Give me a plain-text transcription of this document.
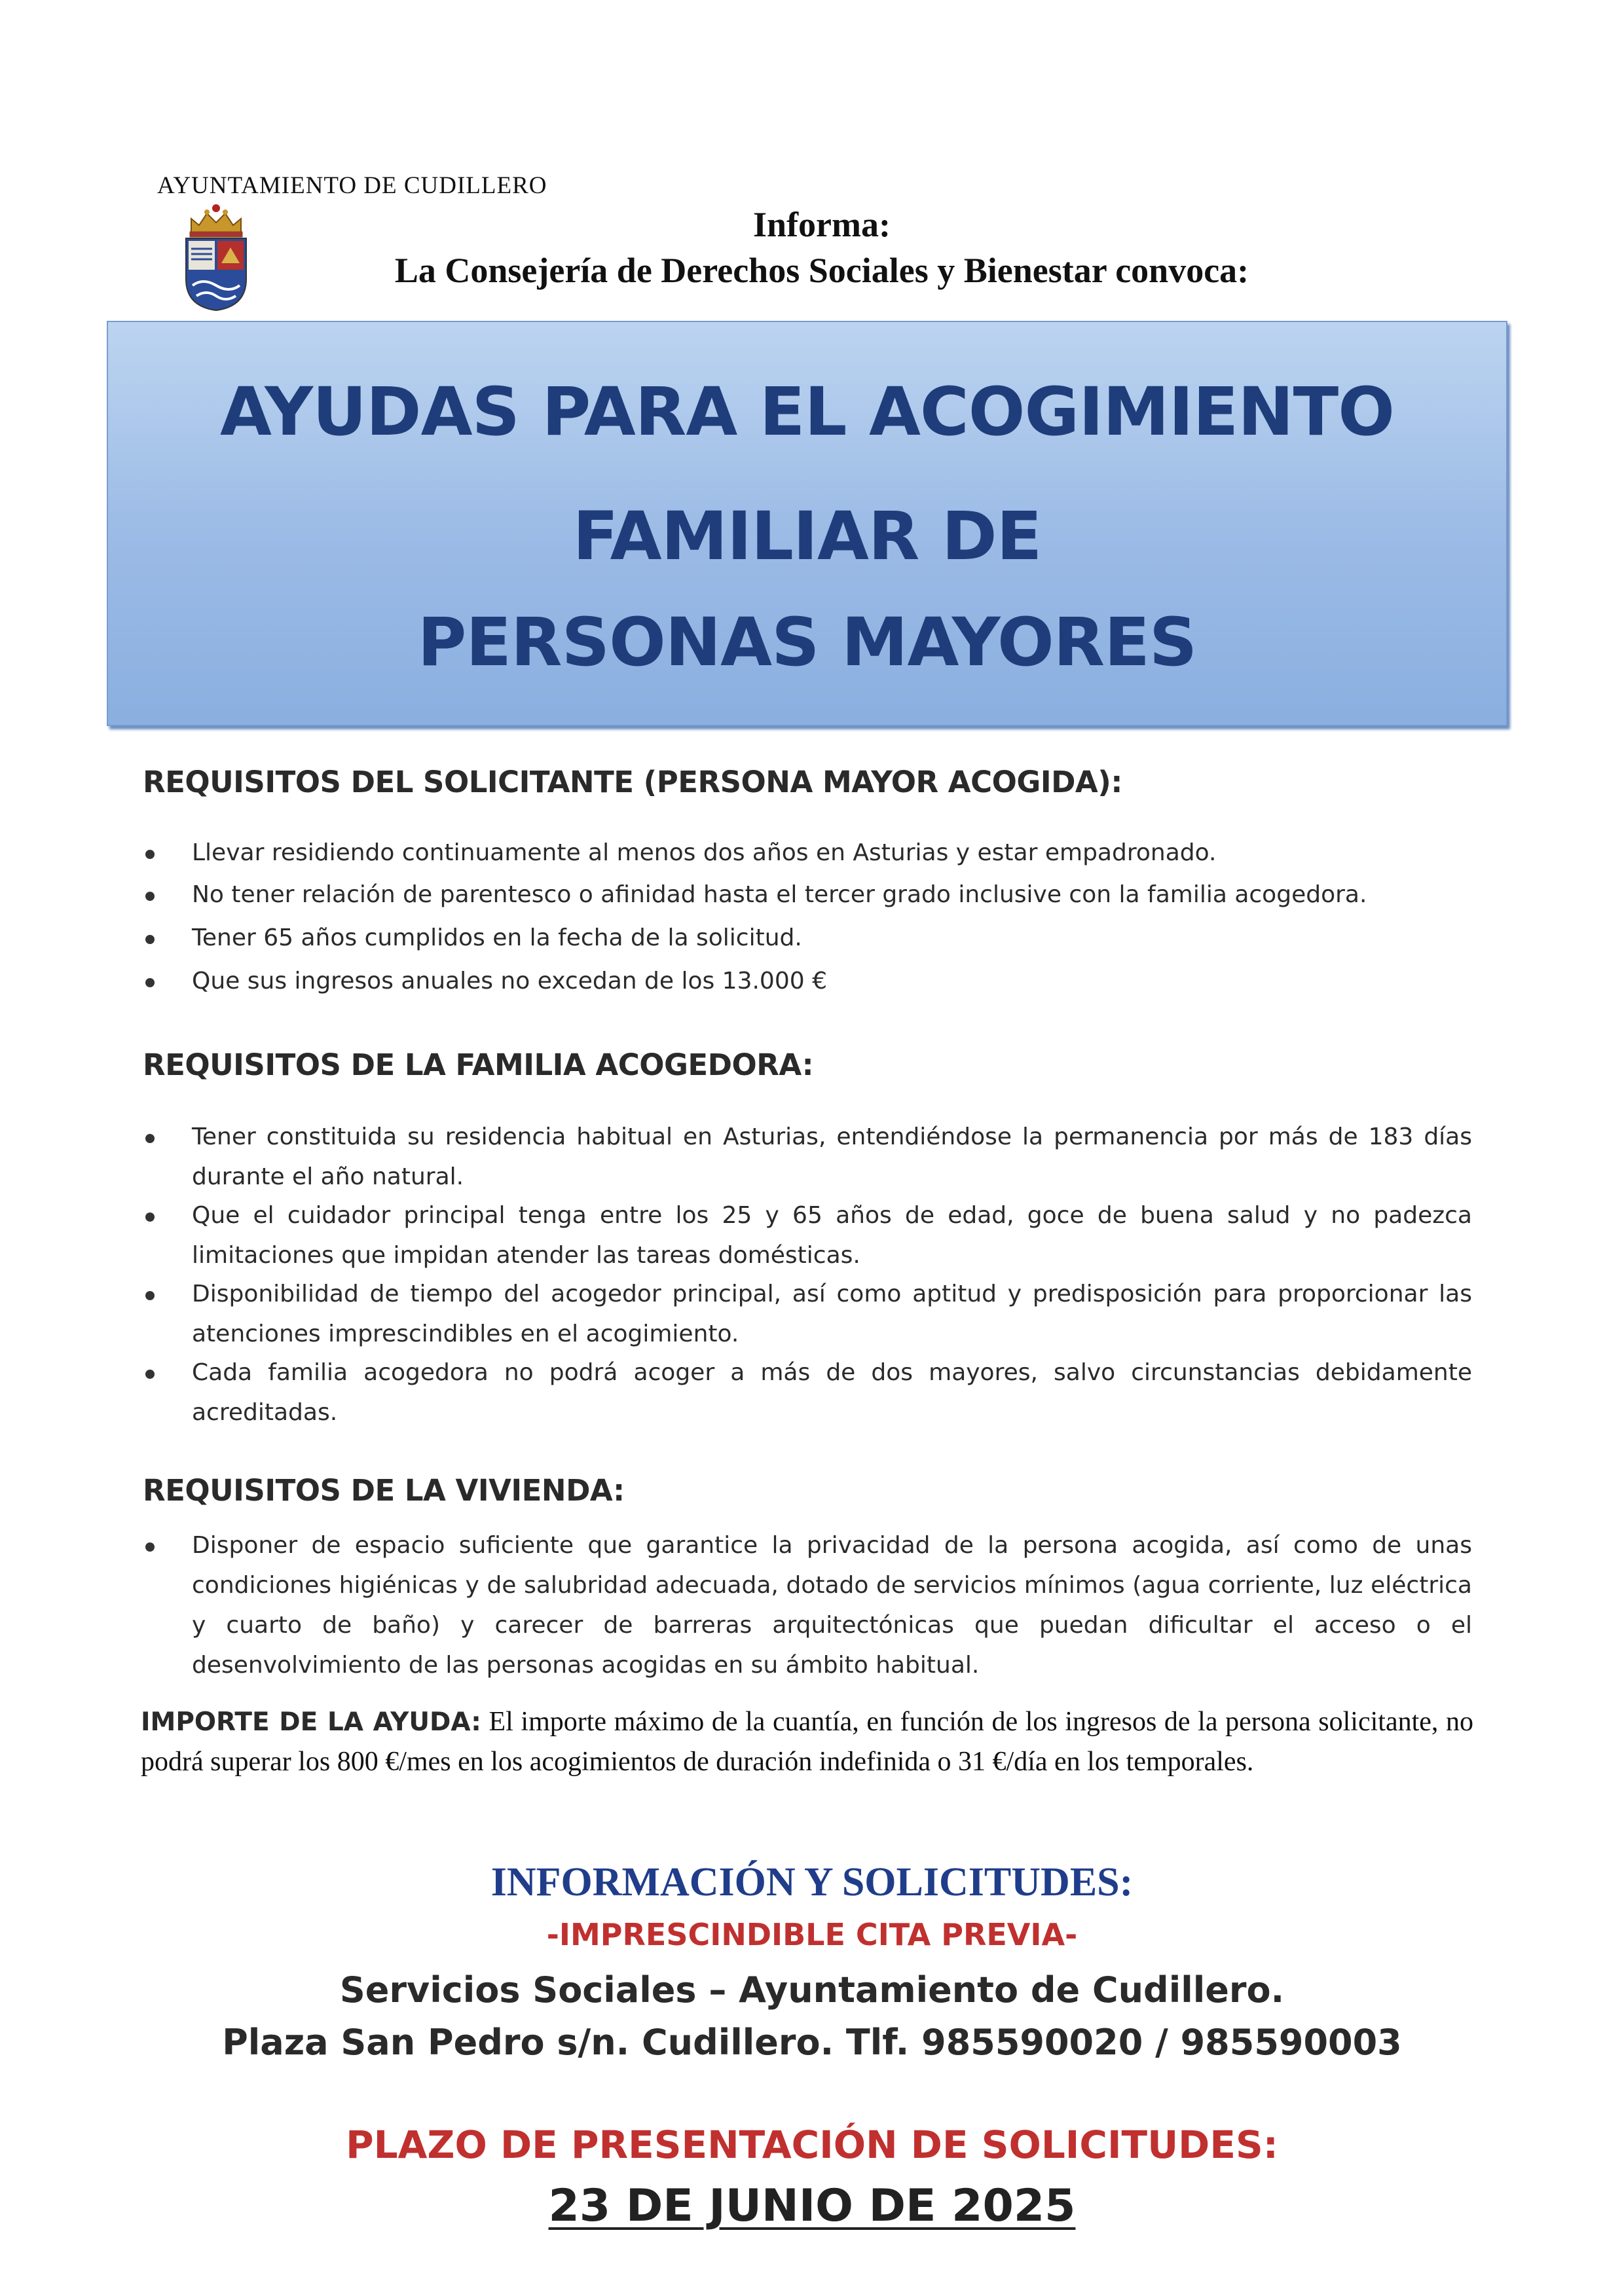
AYUNTAMIENTO DE CUDILLERO
Informa:
La Consejería de Derechos Sociales y Bienestar convoca:
AYUDAS PARA EL ACOGIMIENTO
FAMILIAR DE
PERSONAS MAYORES
REQUISITOS DEL SOLICITANTE (PERSONA MAYOR ACOGIDA):
Llevar residiendo continuamente al menos dos años en Asturias y estar empadronado.
No tener relación de parentesco o afinidad hasta el tercer grado inclusive con la familia acogedora.
Tener 65 años cumplidos en la fecha de la solicitud.
Que sus ingresos anuales no excedan de los 13.000 €
REQUISITOS DE LA FAMILIA ACOGEDORA:
Tener constituida su residencia habitual en Asturias, entendiéndose la permanencia por más de 183 días durante el año natural.
Que el cuidador principal tenga entre los 25 y 65 años de edad, goce de buena salud y no padezca limitaciones que impidan atender las tareas domésticas.
Disponibilidad de tiempo del acogedor principal, así como aptitud y predisposición para proporcionar las atenciones imprescindibles en el acogimiento.
Cada familia acogedora no podrá acoger a más de dos mayores, salvo circunstancias debidamente acreditadas.
REQUISITOS DE LA VIVIENDA:
Disponer de espacio suficiente que garantice la privacidad de la persona acogida, así como de unas condiciones higiénicas y de salubridad adecuada, dotado de servicios mínimos (agua corriente, luz eléctrica y cuarto de baño) y carecer de barreras arquitectónicas que puedan dificultar el acceso o el desenvolvimiento de las personas acogidas en su ámbito habitual.
IMPORTE DE LA AYUDA: El importe máximo de la cuantía, en función de los ingresos de la persona solicitante, no podrá superar los 800 €/mes en los acogimientos de duración indefinida o 31 €/día en los temporales.
INFORMACIÓN Y SOLICITUDES:
-IMPRESCINDIBLE CITA PREVIA-
Servicios Sociales – Ayuntamiento de Cudillero.
Plaza San Pedro s/n. Cudillero. Tlf. 985590020 / 985590003
PLAZO DE PRESENTACIÓN DE SOLICITUDES:
23 DE JUNIO DE 2025
